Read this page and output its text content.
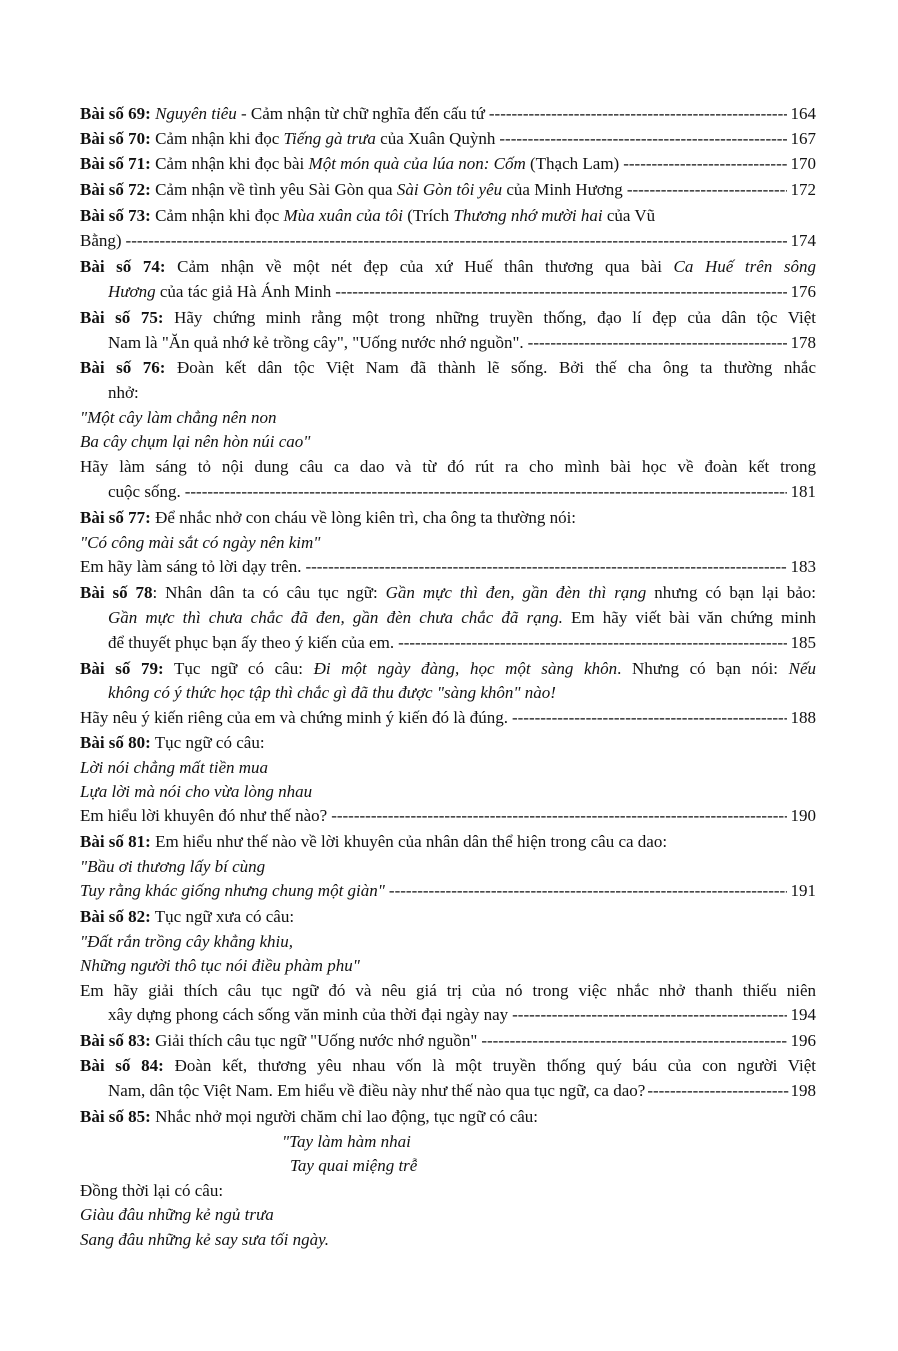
Bài số 69: Nguyên tiêu - Cảm nhận từ chữ nghĩa đến cấu tứ -----	164
Bài số 70: Cảm nhận khi đọc Tiếng gà trưa của Xuân Quỳnh -----	167
Bài số 71: Cảm nhận khi đọc bài Một món quà của lúa non: Cốm (Thạch Lam) -----	170
Bài số 72: Cảm nhận về tình yêu Sài Gòn qua Sài Gòn tôi yêu của Minh Hương -----	172
Bài số 73: Cảm nhận khi đọc Mùa xuân của tôi (Trích Thương nhớ mười hai của Vũ
Bằng) -----	174
Bài số 74: Cảm nhận về một nét đẹp của xứ Huế thân thương qua bài Ca Huế trên sông
Hương của tác giả Hà Ánh Minh -----	176
Bài số 75: Hãy chứng minh rằng một trong những truyền thống, đạo lí đẹp của dân tộc Việt
Nam là "Ăn quả nhớ kẻ trồng cây", "Uống nước nhớ nguồn". -----	178
Bài số 76: Đoàn kết dân tộc Việt Nam đã thành lẽ sống. Bởi thế cha ông ta thường nhắc
nhở:
"Một cây làm chẳng nên non
Ba cây chụm lại nên hòn núi cao"
Hãy làm sáng tỏ nội dung câu ca dao và từ đó rút ra cho mình bài học về đoàn kết trong
cuộc sống. -----	181
Bài số 77: Để nhắc nhở con cháu về lòng kiên trì, cha ông ta thường nói:
"Có công mài sắt có ngày nên kim"
Em hãy làm sáng tỏ lời dạy trên. -----	183
Bài số 78: Nhân dân ta có câu tục ngữ: Gần mực thì đen, gần đèn thì rạng nhưng có bạn lại bảo:
Gần mực thì chưa chắc đã đen, gần đèn chưa chắc đã rạng. Em hãy viết bài văn chứng minh
để thuyết phục bạn ấy theo ý kiến của em. -----	185
Bài số 79: Tục ngữ có câu: Đi một ngày đàng, học một sàng khôn. Nhưng có bạn nói: Nếu
không có ý thức học tập thì chắc gì đã thu được "sàng khôn" nào!
Hãy nêu ý kiến riêng của em và chứng minh ý kiến đó là đúng. -----	188
Bài số 80: Tục ngữ có câu:
Lời nói chẳng mất tiền mua
Lựa lời mà nói cho vừa lòng nhau
Em hiểu lời khuyên đó như thế nào? -----	190
Bài số 81: Em hiểu như thế nào về lời khuyên của nhân dân thể hiện trong câu ca dao:
"Bầu ơi thương lấy bí cùng
Tuy rằng khác giống nhưng chung một giàn" -----	191
Bài số 82: Tục ngữ xưa có câu:
"Đất rắn trồng cây khẳng khiu,
Những người thô tục nói điều phàm phu"
Em hãy giải thích câu tục ngữ đó và nêu giá trị của nó trong việc nhắc nhở thanh thiếu niên
xây dựng phong cách sống văn minh của thời đại ngày nay -----	194
Bài số 83: Giải thích câu tục ngữ "Uống nước nhớ nguồn" -----	196
Bài số 84: Đoàn kết, thương yêu nhau vốn là một truyền thống quý báu của con người Việt
Nam, dân tộc Việt Nam. Em hiểu về điều này như thế nào qua tục ngữ, ca dao? -----	198
Bài số 85: Nhắc nhở mọi người chăm chỉ lao động, tục ngữ có câu:
"Tay làm hàm nhai
Tay quai miệng trễ
Đồng thời lại có câu:
Giàu đâu những kẻ ngủ trưa
Sang đâu những kẻ say sưa tối ngày.
